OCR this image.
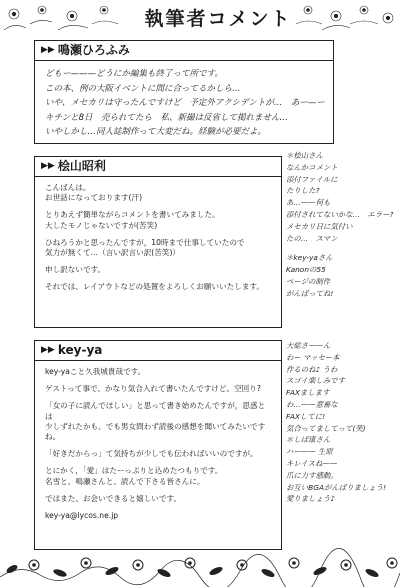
執筆者コメント
▶▶ 鳴瀬ひろふみ
どもー———どうにか編集も終了って所です。
この本、例の大阪イベントに間に合ってるかしら…
いや、メセカリは守ったんですけど　予定外アクシデントが…　あー—ー
キチンと8日　売られてたら　私、新撮は反省して掲れません…
いやしかし…同人誌制作って大変だね。経験が必要だよ。
▶▶ 桧山昭利

こんばんは。

お世話になっております(汗)

とりあえず簡単ながらコメントを書いてみました。

大したモノじゃないですが(苦笑)

ひねろうかと思ったんですが，10時まで仕事していたので

気力が無くて…（言い訳言い訳(苦笑)）

申し訳ないです。

それでは、レイアウトなどの処置をよろしくお願いいたします。

▶▶ key-ya

key-yaこと久我城貴哉です。

ゲストって事で、かなり気合入れて書いたんですけど。空回り?

「女の子に読んでほしい」と思って書き始めたんですが，思惑とは

少しずれたかも。でも男女問わず読後の感想を聞いてみたいですね。

「好きだからっ」て気持ちが少しでも伝わればいいのですが。

とにかく，「愛」はたーっぷりと込めたつもりです。

名雪と、鳴瀬さんと、読んで下さる皆さんに。

ではまた、お会いできると嬉しいです。

key-ya@lycos.ne.jp

＊桧山さん

なんかコメント

添付ファイルに

たりした?

あ…——何も

添付されてないかな…　エラー?

メセカリ日に気付い

たの…　スマン

＊key-yaさん

Kanonの55

ページの制作

がんばってね!

大総さー—ん

わー マッセー本

作るのね♪ うわ

スゴイ楽しみです

FAXまします

わ…——意畜な

FAXしてに!

気合ってましてって(笑)

＊しば康さん

ハー—— 生原

キレイスね——

爪に力す感動。

お互いBGAがんばりましょう!

愛りましょう♪
